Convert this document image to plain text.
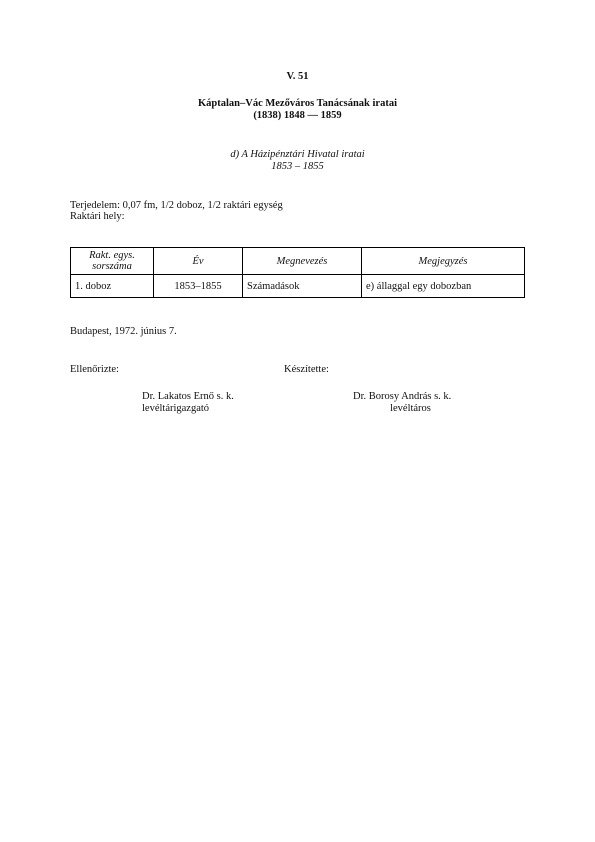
V. 51
Káptalan–Vác Mezőváros Tanácsának iratai
(1838) 1848 — 1859
d) A Házipénztári Hivatal iratai
1853 – 1855
Terjedelem: 0,07 fm, 1/2 doboz, 1/2 raktári egység
Raktári hely:
Rakt. egys. sorszáma	Év	Megnevezés	Megjegyzés
1. doboz	1853–1855	Számadások	e) állaggal egy dobozban
Budapest, 1972. június 7.
Ellenőrizte:	Készítette:
Dr. Lakatos Ernő s. k.
levéltárigazgató
Dr. Borosy András s. k.
levéltáros
